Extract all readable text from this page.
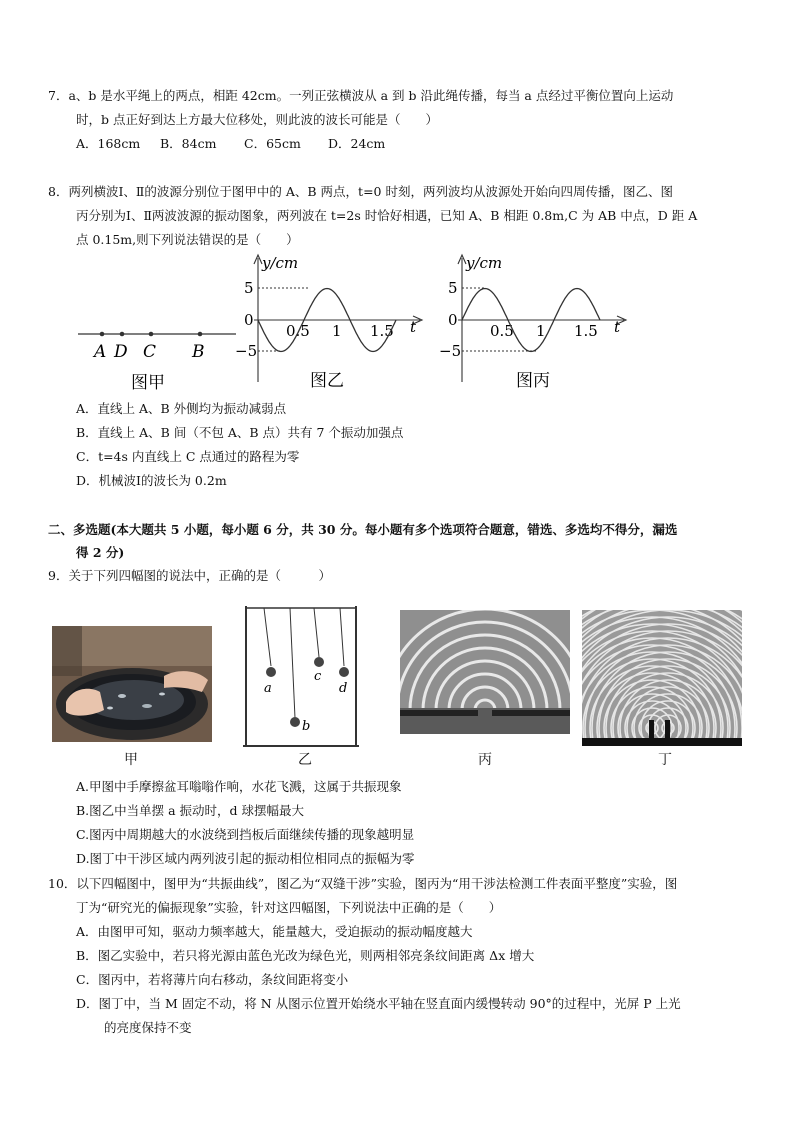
7．a、b 是水平绳上的两点，相距 42cm。一列正弦横波从 a 到 b 沿此绳传播，每当 a 点经过平衡位置向上运动
时，b 点正好到达上方最大位移处，则此波的波长可能是（　　）
A．168cm B．84cm C．65cm D．24cm
8．两列横波Ⅰ、Ⅱ的波源分别位于图甲中的 A、B 两点，t=0 时刻，两列波均从波源处开始向四周传播，图乙、图
丙分别为Ⅰ、Ⅱ两波波源的振动图象，两列波在 t=2s 时恰好相遇，已知 A、B 相距 0.8m,C 为 AB 中点，D 距 A
点 0.15m,则下列说法错误的是（　　）
A D C B
图甲
y/cm
t
5
0
−5
0.5 1 1.5
图乙
y/cm
t
5
0
−5
0.5 1 1.5
图丙
A．直线上 A、B 外侧均为振动减弱点
B．直线上 A、B 间（不包 A、B 点）共有 7 个振动加强点
C．t=4s 内直线上 C 点通过的路程为零
D．机械波Ⅰ的波长为 0.2m
二、多选题(本大题共 5 小题，每小题 6 分，共 30 分。每小题有多个选项符合题意，错选、多选均不得分，漏选
得 2 分)
9．关于下列四幅图的说法中，正确的是（　　　）
a
b
c
d
甲	乙	丙	丁
A.甲图中手摩擦盆耳嗡嗡作响，水花飞溅，这属于共振现象
B.图乙中当单摆 a 振动时，d 球摆幅最大
C.图丙中周期越大的水波绕到挡板后面继续传播的现象越明显
D.图丁中干涉区域内两列波引起的振动相位相同点的振幅为零
10．以下四幅图中，图甲为“共振曲线”，图乙为“双缝干涉”实验，图丙为“用干涉法检测工件表面平整度”实验，图
丁为“研究光的偏振现象”实验，针对这四幅图，下列说法中正确的是（　　）
A．由图甲可知，驱动力频率越大，能量越大，受迫振动的振动幅度越大
B．图乙实验中，若只将光源由蓝色光改为绿色光，则两相邻亮条纹间距离 Δx 增大
C．图丙中，若将薄片向右移动，条纹间距将变小
D．图丁中，当 M 固定不动，将 N 从图示位置开始绕水平轴在竖直面内缓慢转动 90°的过程中，光屏 P 上光
的亮度保持不变
